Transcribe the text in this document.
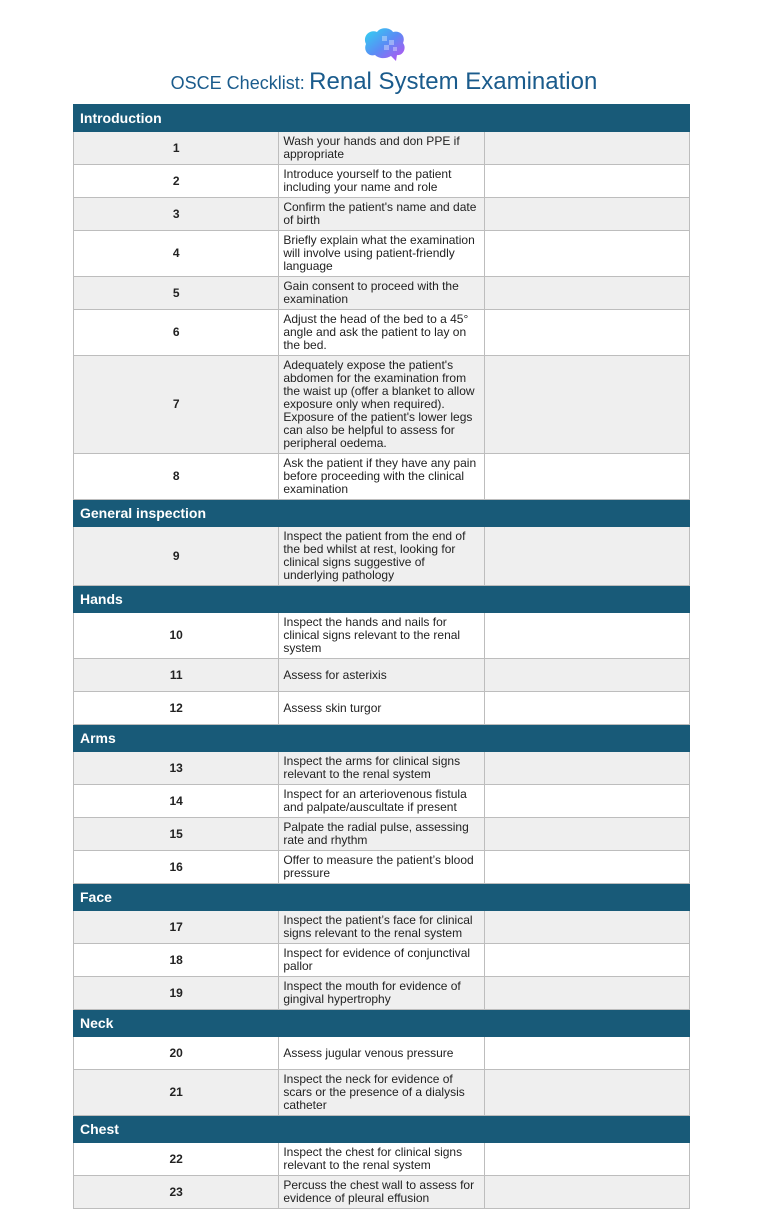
OSCE Checklist: Renal System Examination
Introduction		
1	Wash your hands and don PPE if appropriate	
2	Introduce yourself to the patient including your name and role	
3	Confirm the patient's name and date of birth	
4	Briefly explain what the examination will involve using patient-friendly language	
5	Gain consent to proceed with the examination	
6	Adjust the head of the bed to a 45° angle and ask the patient to lay on the bed.	
7	Adequately expose the patient's abdomen for the examination from the waist up (offer a blanket to allow exposure only when required). Exposure of the patient's lower legs can also be helpful to assess for peripheral oedema.	
8	Ask the patient if they have any pain before proceeding with the clinical examination	
General inspection		
9	Inspect the patient from the end of the bed whilst at rest, looking for clinical signs suggestive of underlying pathology	
Hands		
10	Inspect the hands and nails for clinical signs relevant to the renal system	
11	Assess for asterixis	
12	Assess skin turgor	
Arms		
13	Inspect the arms for clinical signs relevant to the renal system	
14	Inspect for an arteriovenous fistula and palpate/auscultate if present	
15	Palpate the radial pulse, assessing rate and rhythm	
16	Offer to measure the patient’s blood pressure	
Face		
17	Inspect the patient’s face for clinical signs relevant to the renal system	
18	Inspect for evidence of conjunctival pallor	
19	Inspect the mouth for evidence of gingival hypertrophy	
Neck		
20	Assess jugular venous pressure	
21	Inspect the neck for evidence of scars or the presence of a dialysis catheter	
Chest		
22	Inspect the chest for clinical signs relevant to the renal system	
23	Percuss the chest wall to assess for evidence of pleural effusion	
